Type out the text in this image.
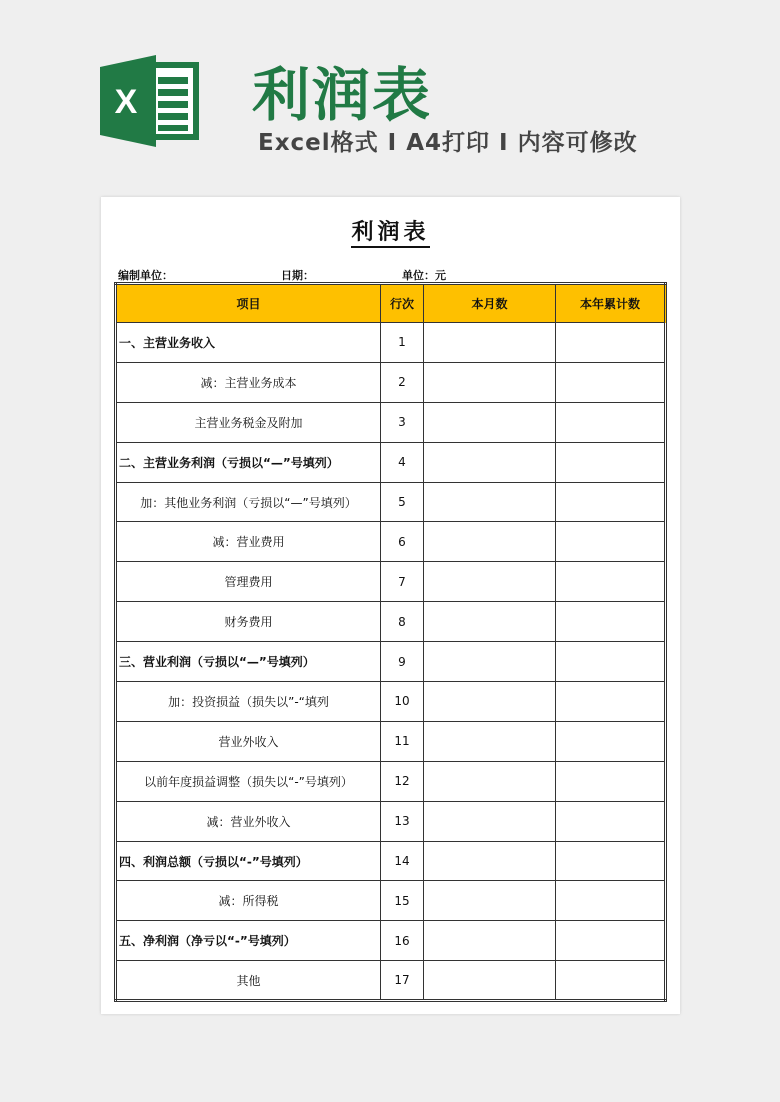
X 利润表
Excel格式 I A4打印 I 内容可修改
利润表
编制单位：	日期：	单位：元
项目	行次	本月数	本年累计数
一、主营业务收入	1		
减：主营业务成本	2		
主营业务税金及附加	3		
二、主营业务利润（亏损以“—”号填列）	4		
加：其他业务利润（亏损以“—”号填列）	5		
减：营业费用	6		
管理费用	7		
财务费用	8		
三、营业利润（亏损以“—”号填列）	9		
加：投资损益（损失以”-“填列	10		
营业外收入	11		
以前年度损益调整（损失以“-”号填列）	12		
减：营业外收入	13		
四、利润总额（亏损以“-”号填列）	14		
减：所得税	15		
五、净利润（净亏以“-”号填列）	16		
其他	17		
